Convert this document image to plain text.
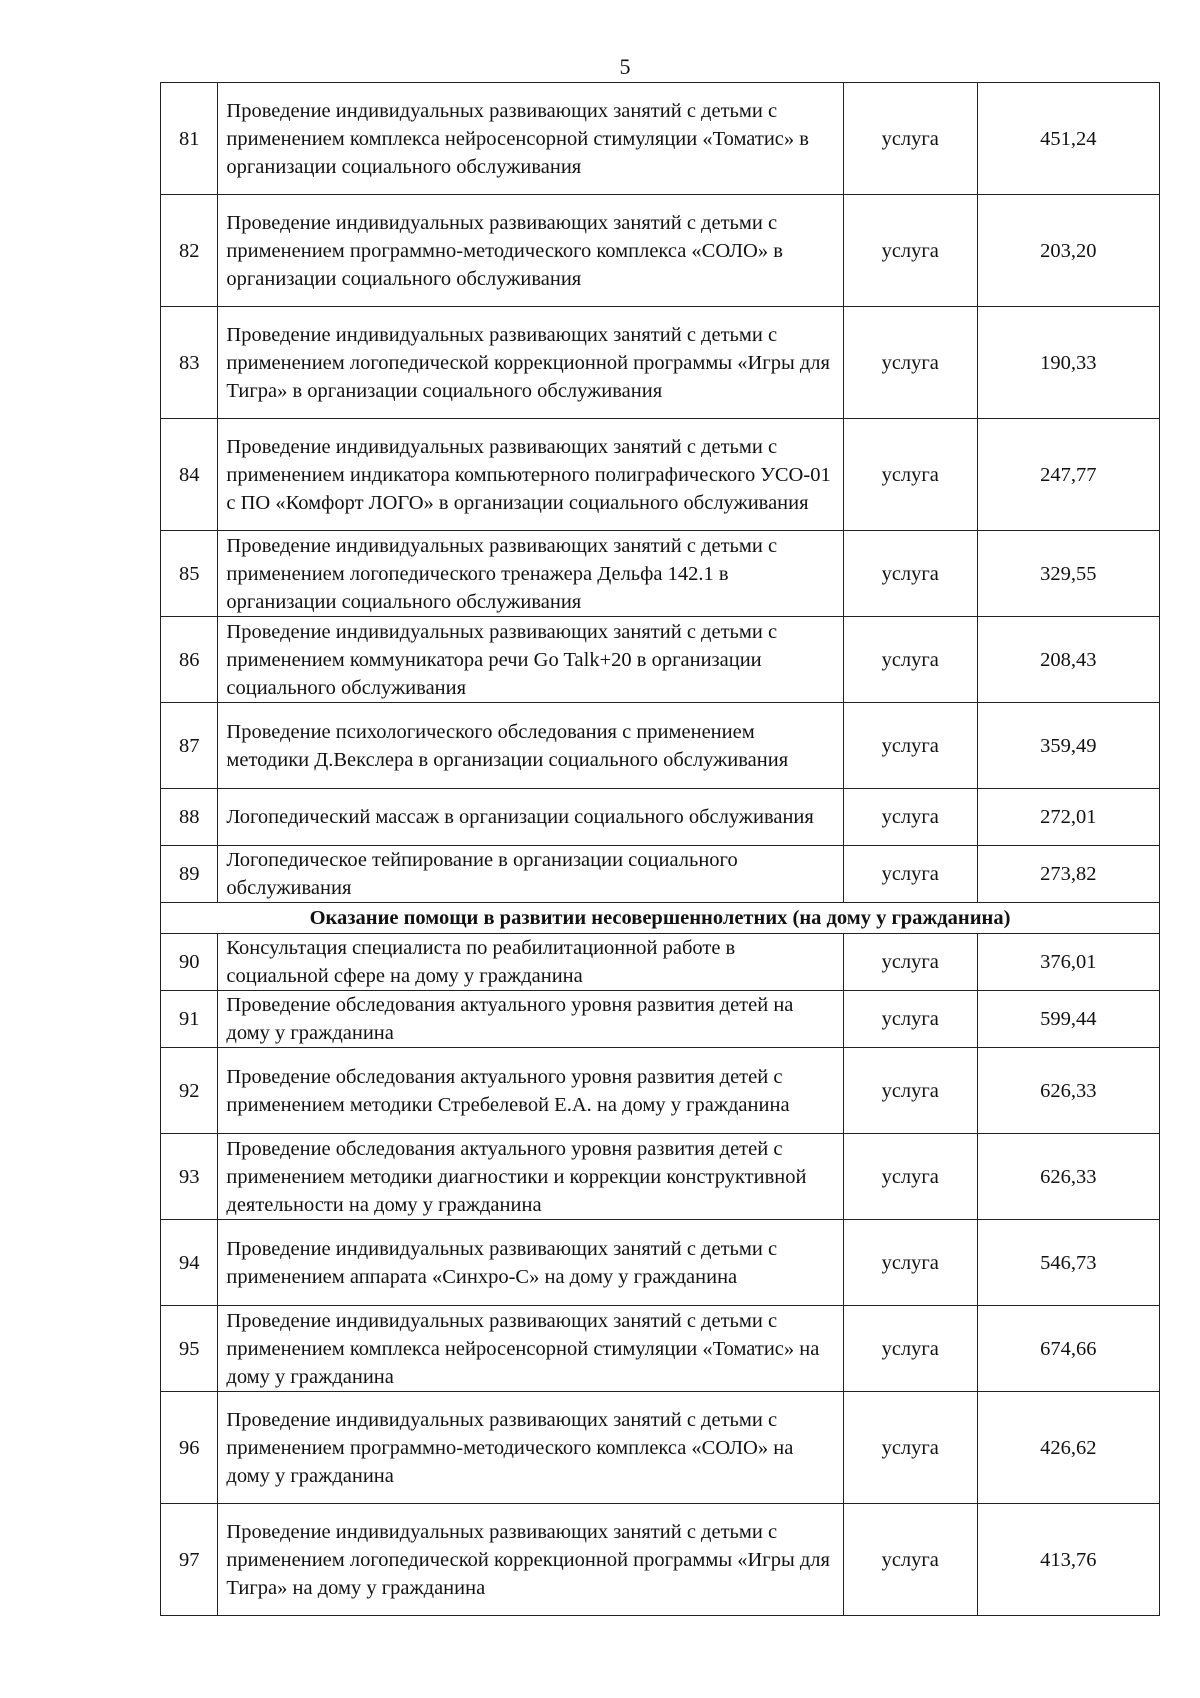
5
81	Проведение индивидуальных развивающих занятий с детьми с применением комплекса нейросенсорной стимуляции «Томатис» в организации социального обслуживания	услуга	451,24
82	Проведение индивидуальных развивающих занятий с детьми с применением программно-методического комплекса «СОЛО» в организации социального обслуживания	услуга	203,20
83	Проведение индивидуальных развивающих занятий с детьми с применением логопедической коррекционной программы «Игры для Тигра» в организации социального обслуживания	услуга	190,33
84	Проведение индивидуальных развивающих занятий с детьми с применением индикатора компьютерного полиграфического УСО-01 с ПО «Комфорт ЛОГО» в организации социального обслуживания	услуга	247,77
85	Проведение индивидуальных развивающих занятий с детьми с применением логопедического тренажера Дельфа 142.1 в организации социального обслуживания	услуга	329,55
86	Проведение индивидуальных развивающих занятий с детьми с применением коммуникатора речи Go Talk+20 в организации социального обслуживания	услуга	208,43
87	Проведение психологического обследования с применением методики Д.Векслера в организации социального обслуживания	услуга	359,49
88	Логопедический массаж в организации социального обслуживания	услуга	272,01
89	Логопедическое тейпирование в организации социального обслуживания	услуга	273,82
Оказание помощи в развитии несовершеннолетних (на дому у гражданина)			
90	Консультация специалиста по реабилитационной работе в социальной сфере на дому у гражданина	услуга	376,01
91	Проведение обследования актуального уровня развития детей на дому у гражданина	услуга	599,44
92	Проведение обследования актуального уровня развития детей с применением методики Стребелевой Е.А. на дому у гражданина	услуга	626,33
93	Проведение обследования актуального уровня развития детей с применением методики диагностики и коррекции конструктивной деятельности на дому у гражданина	услуга	626,33
94	Проведение индивидуальных развивающих занятий с детьми с применением аппарата «Синхро-С» на дому у гражданина	услуга	546,73
95	Проведение индивидуальных развивающих занятий с детьми с применением комплекса нейросенсорной стимуляции «Томатис» на дому у гражданина	услуга	674,66
96	Проведение индивидуальных развивающих занятий с детьми с применением программно-методического комплекса «СОЛО» на дому у гражданина	услуга	426,62
97	Проведение индивидуальных развивающих занятий с детьми с применением логопедической коррекционной программы «Игры для Тигра» на дому у гражданина	услуга	413,76
